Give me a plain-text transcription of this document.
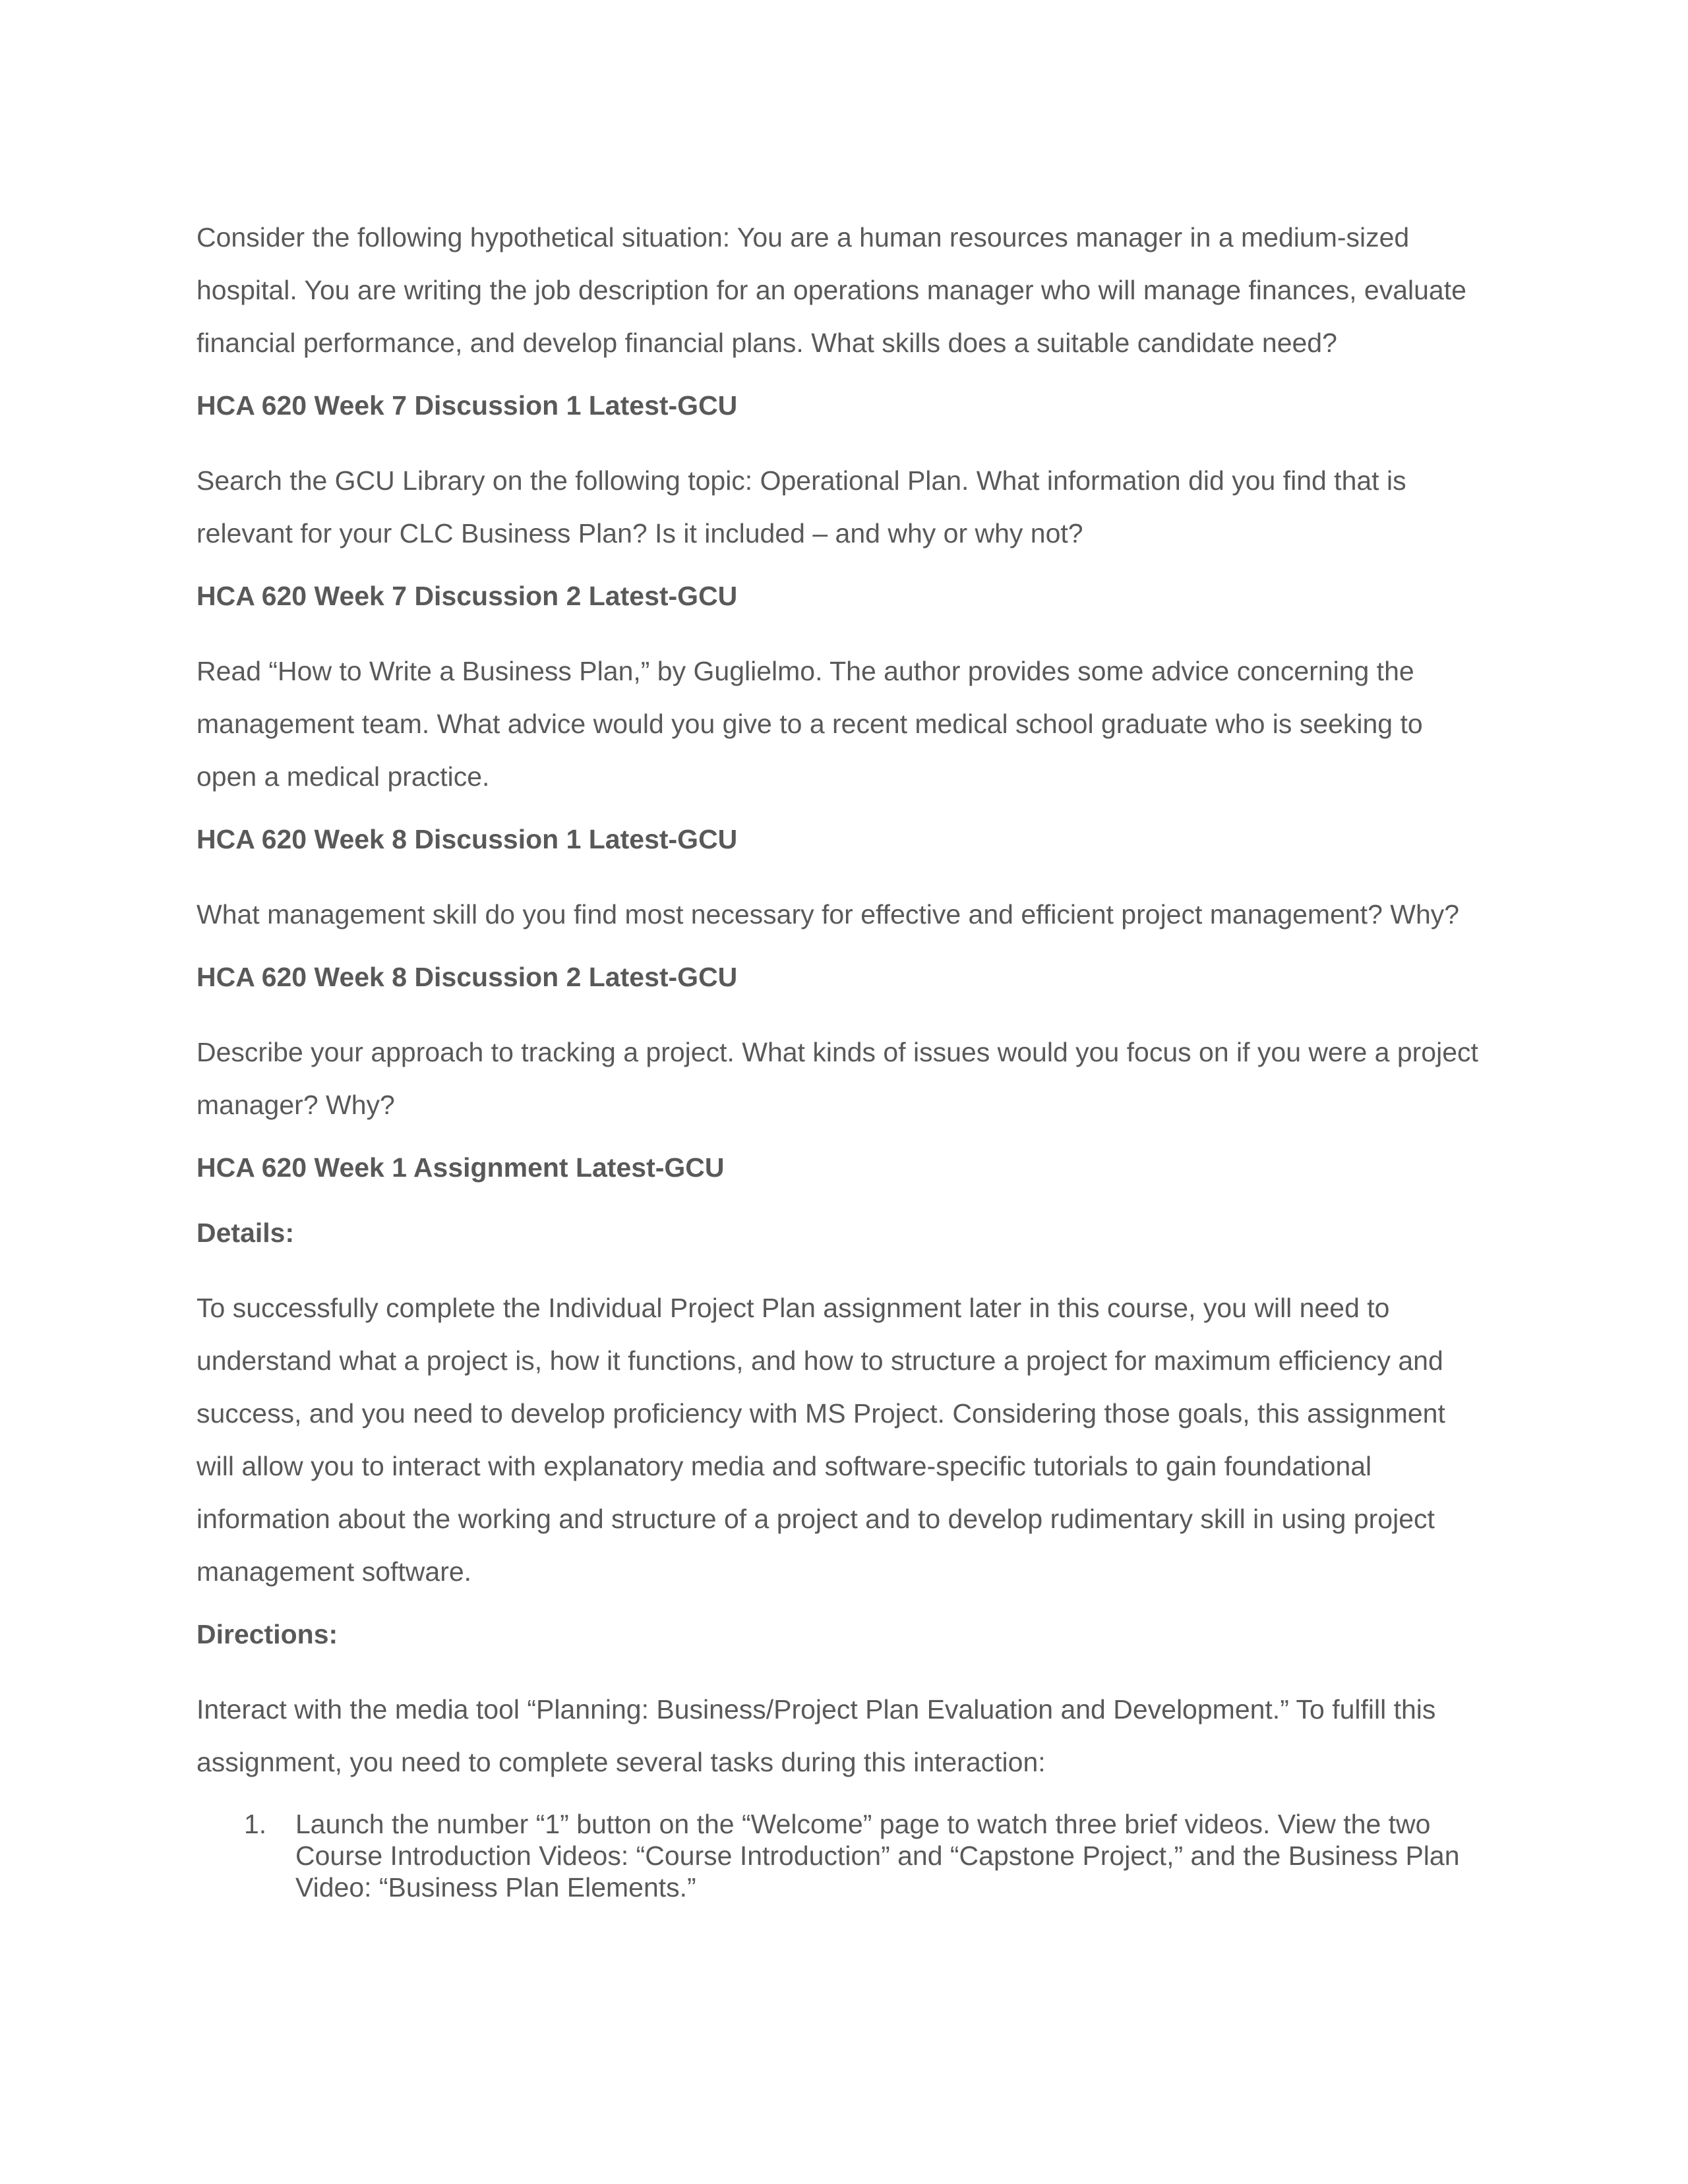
Consider the following hypothetical situation: You are a human resources manager in a medium-sized hospital. You are writing the job description for an operations manager who will manage finances, evaluate financial performance, and develop financial plans. What skills does a suitable candidate need?

HCA 620 Week 7 Discussion 1 Latest-GCU

Search the GCU Library on the following topic: Operational Plan. What information did you find that is relevant for your CLC Business Plan? Is it included – and why or why not?

HCA 620 Week 7 Discussion 2 Latest-GCU

Read “How to Write a Business Plan,” by Guglielmo. The author provides some advice concerning the management team. What advice would you give to a recent medical school graduate who is seeking to open a medical practice.

HCA 620 Week 8 Discussion 1 Latest-GCU

What management skill do you find most necessary for effective and efficient project management? Why?

HCA 620 Week 8 Discussion 2 Latest-GCU

Describe your approach to tracking a project. What kinds of issues would you focus on if you were a project manager? Why?

HCA 620 Week 1 Assignment Latest-GCU

Details:

To successfully complete the Individual Project Plan assignment later in this course, you will need to understand what a project is, how it functions, and how to structure a project for maximum efficiency and success, and you need to develop proficiency with MS Project. Considering those goals, this assignment will allow you to interact with explanatory media and software-specific tutorials to gain foundational information about the working and structure of a project and to develop rudimentary skill in using project management software.

Directions:

Interact with the media tool “Planning: Business/Project Plan Evaluation and Development.” To fulfill this assignment, you need to complete several tasks during this interaction:

1. Launch the number “1” button on the “Welcome” page to watch three brief videos. View the two Course Introduction Videos: “Course Introduction” and “Capstone Project,” and the Business Plan Video: “Business Plan Elements.”
